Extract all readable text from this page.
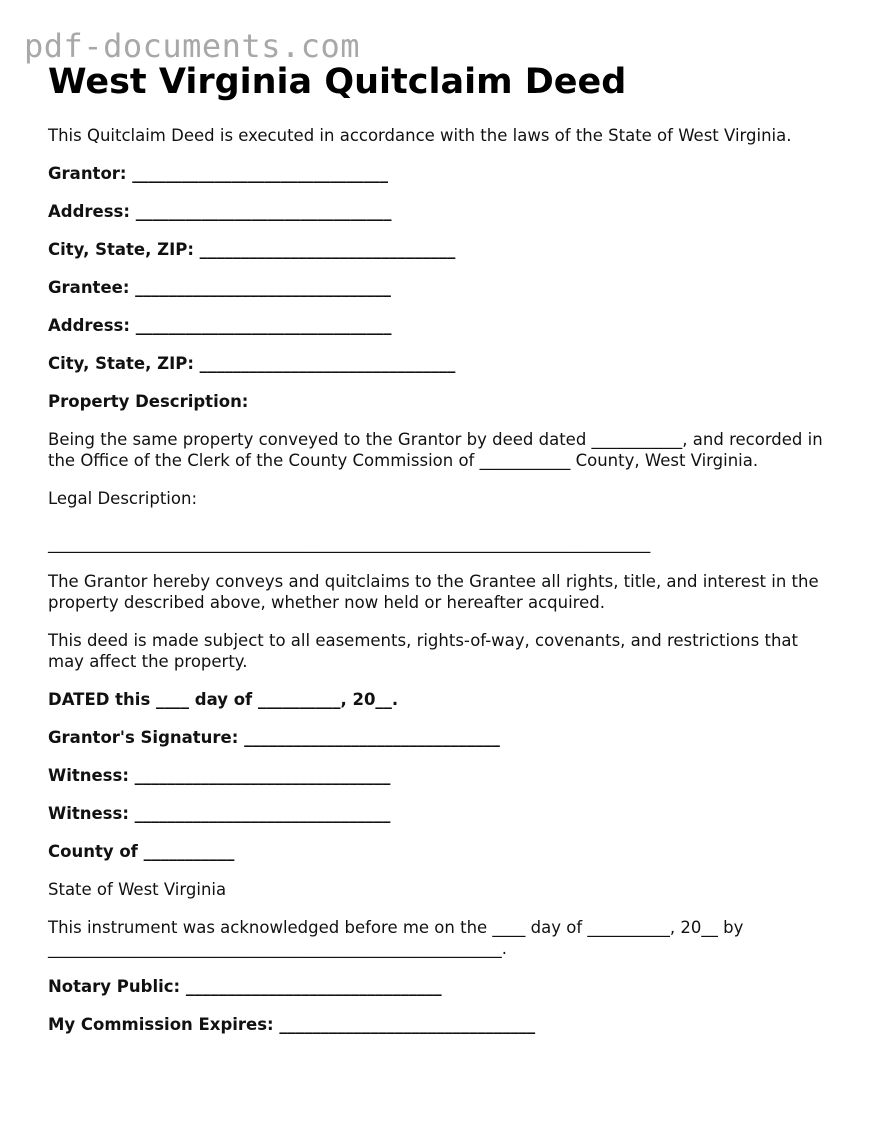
pdf-documents.com
West Virginia Quitclaim Deed

This Quitclaim Deed is executed in accordance with the laws of the State of West Virginia.

Grantor: _______________________________

Address: _______________________________

City, State, ZIP: _______________________________

Grantee: _______________________________

Address: _______________________________

City, State, ZIP: _______________________________

Property Description:

Being the same property conveyed to the Grantor by deed dated ___________, and recorded in the Office of the Clerk of the County Commission of ___________ County, West Virginia.

Legal Description:

_________________________________________________________________________

The Grantor hereby conveys and quitclaims to the Grantee all rights, title, and interest in the property described above, whether now held or hereafter acquired.

This deed is made subject to all easements, rights-of-way, covenants, and restrictions that may affect the property.

DATED this ____ day of __________, 20__.

Grantor's Signature: _______________________________

Witness: _______________________________

Witness: _______________________________

County of ___________

State of West Virginia

This instrument was acknowledged before me on the ____ day of __________, 20__ by _______________________________________________________.

Notary Public: _______________________________

My Commission Expires: _______________________________
